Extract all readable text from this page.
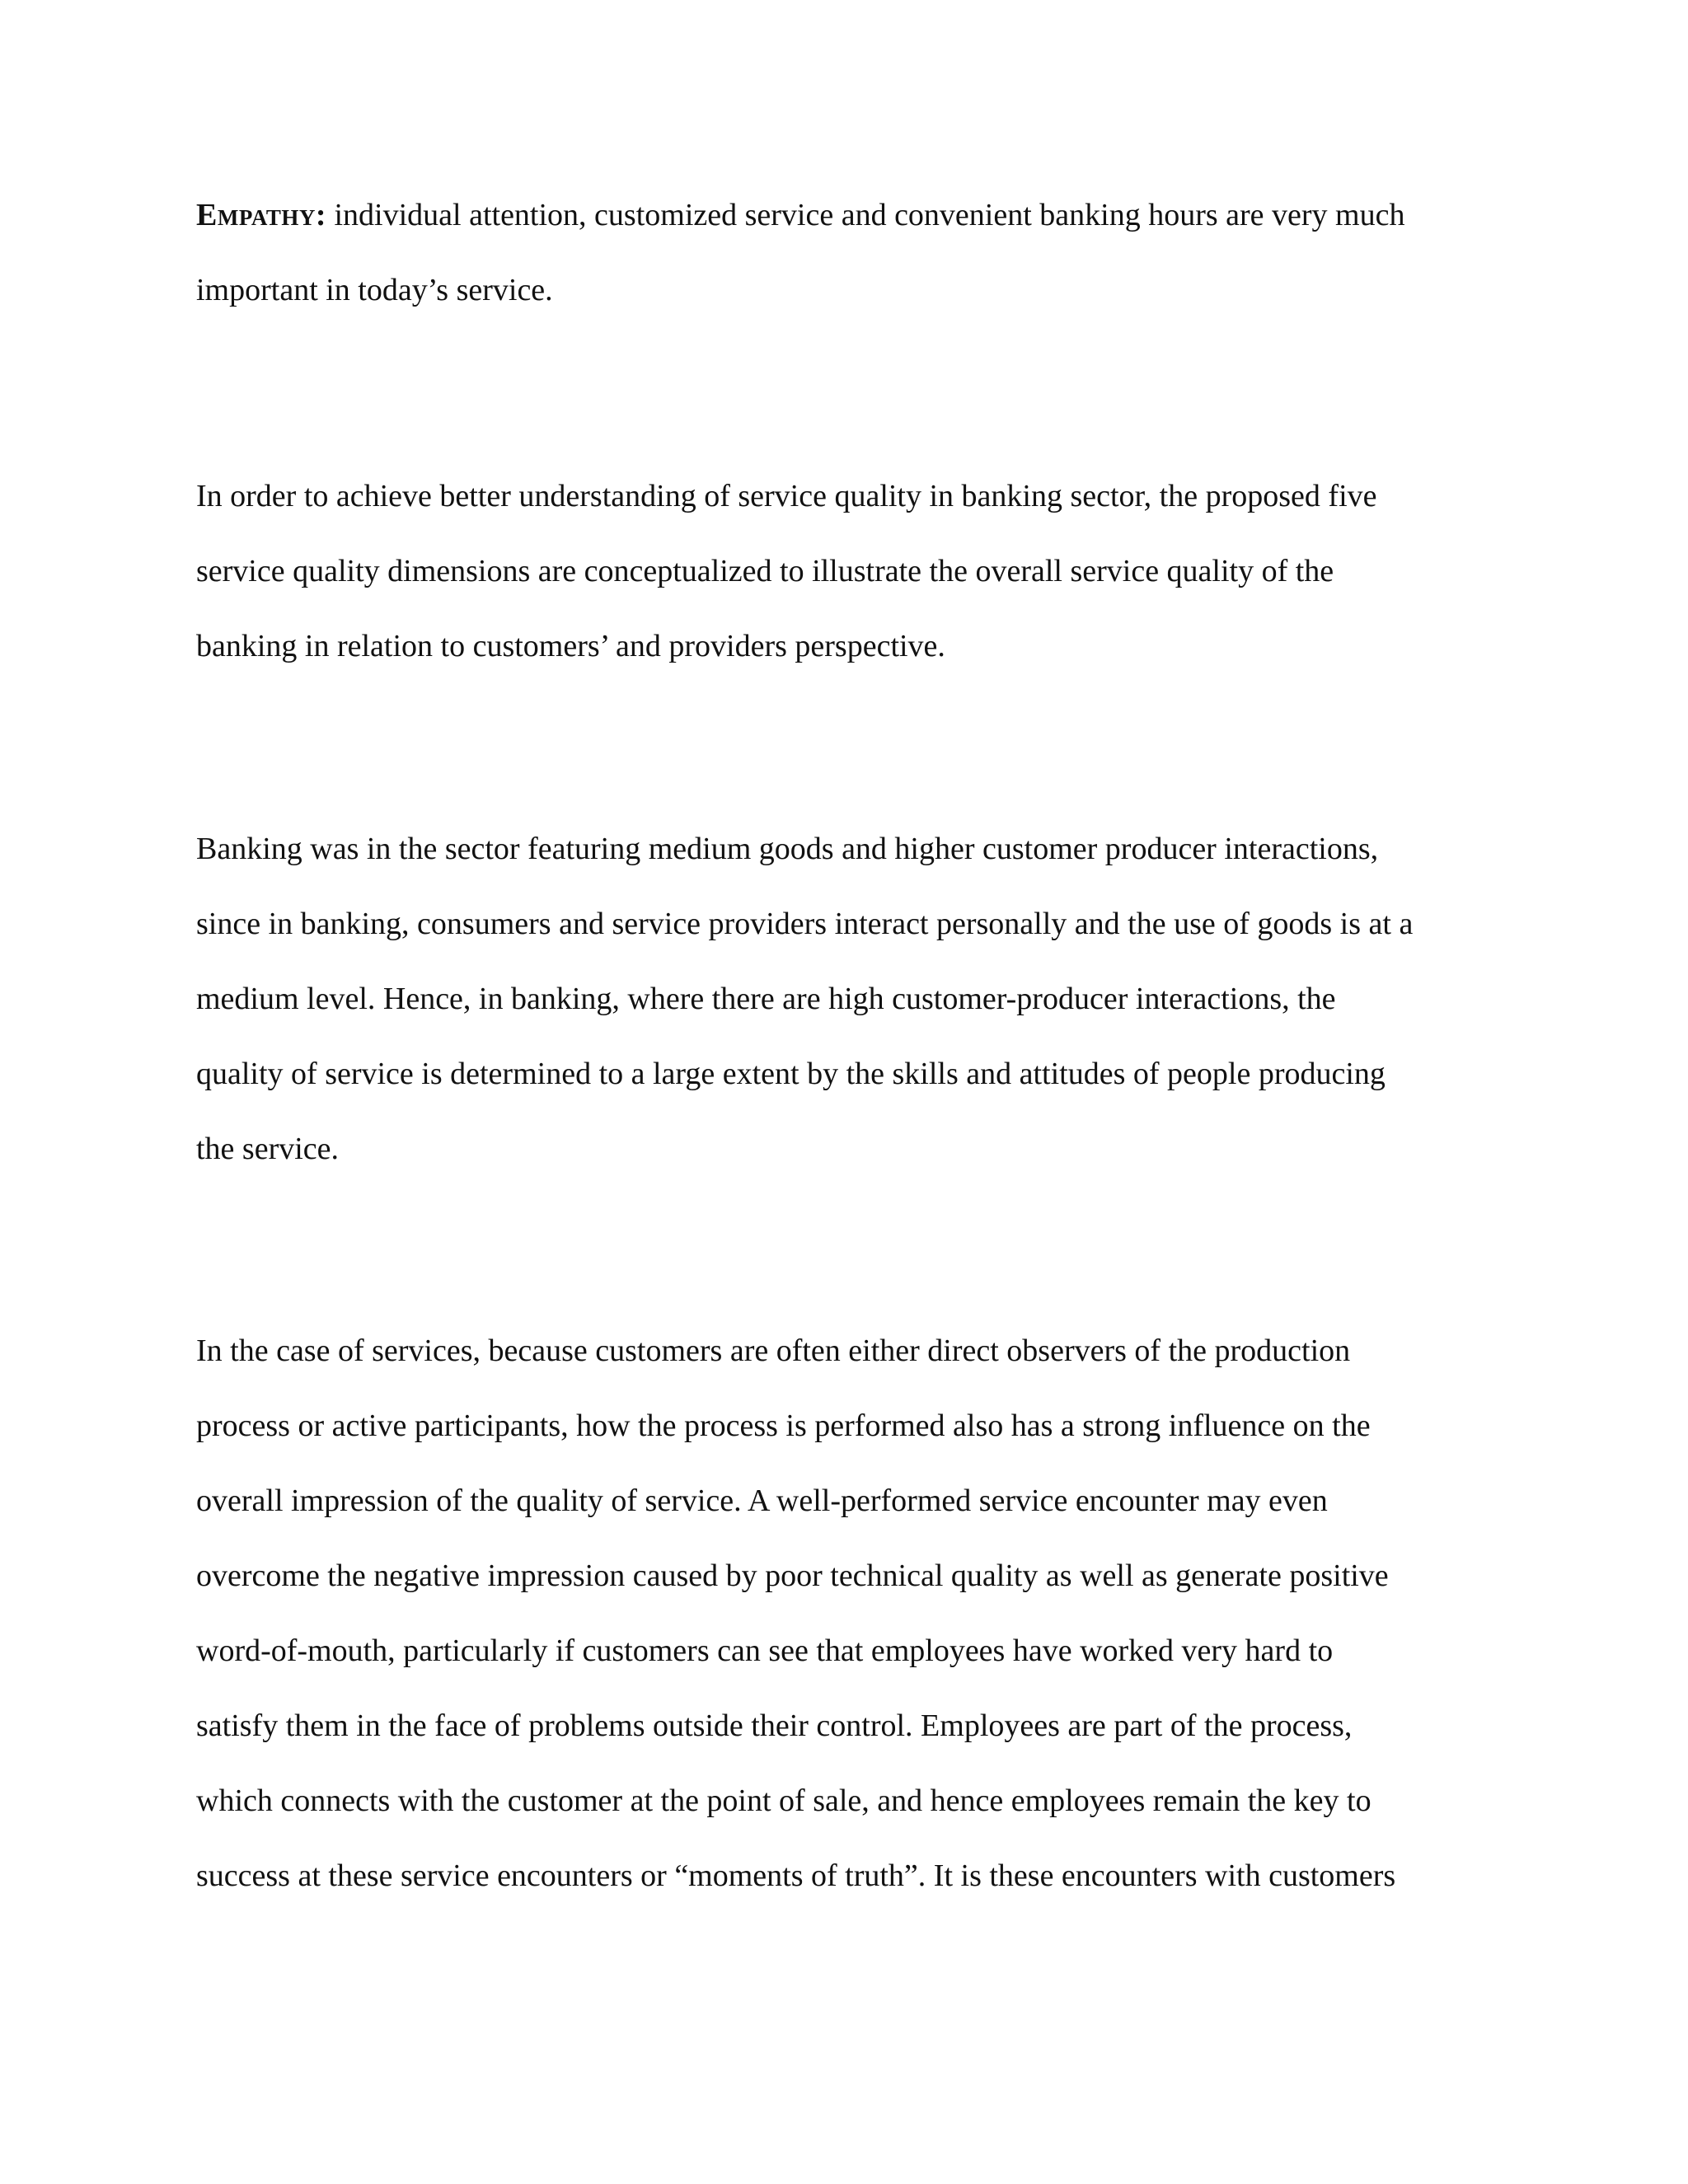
Empathy: individual attention, customized service and convenient banking hours are very much
important in today’s service.

In order to achieve better understanding of service quality in banking sector, the proposed five
service quality dimensions are conceptualized to illustrate the overall service quality of the
banking in relation to customers’ and providers perspective.

Banking was in the sector featuring medium goods and higher customer producer interactions,
since in banking, consumers and service providers interact personally and the use of goods is at a
medium level. Hence, in banking, where there are high customer-producer interactions, the
quality of service is determined to a large extent by the skills and attitudes of people producing
the service.

In the case of services, because customers are often either direct observers of the production
process or active participants, how the process is performed also has a strong influence on the
overall impression of the quality of service. A well-performed service encounter may even
overcome the negative impression caused by poor technical quality as well as generate positive
word-of-mouth, particularly if customers can see that employees have worked very hard to
satisfy them in the face of problems outside their control. Employees are part of the process,
which connects with the customer at the point of sale, and hence employees remain the key to
success at these service encounters or “moments of truth”. It is these encounters with customers
